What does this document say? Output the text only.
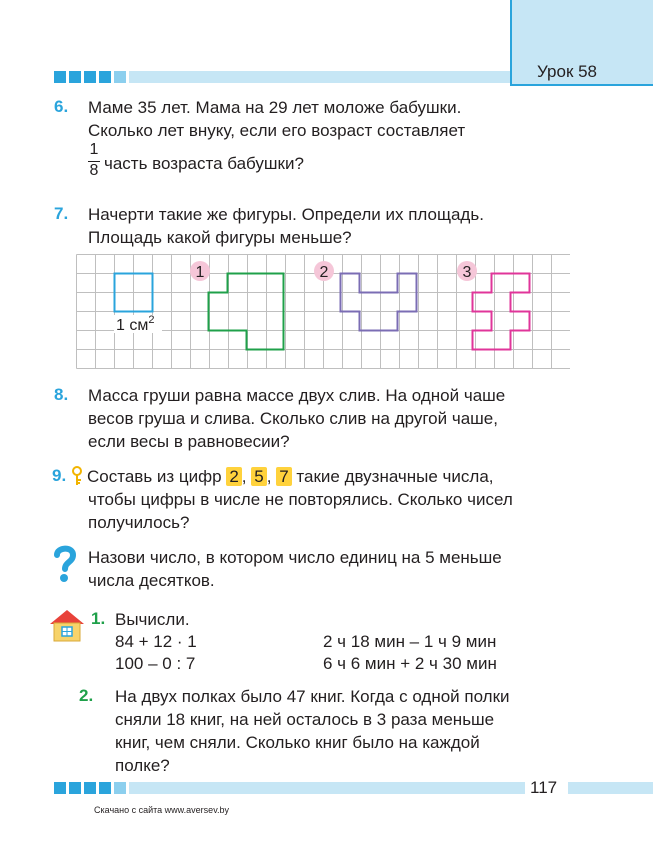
Урок 58
6. Маме 35 лет. Мама на 29 лет моложе бабушки.
Сколько лет внуку, если его возраст составляет
1
8 часть возраста бабушки?
7. Начерти такие же фигуры. Определи их площадь.
Площадь какой фигуры меньше?
1	2	3
1 $см^2$
8. Масса груши равна массе двух слив. На одной чаше
весов груша и слива. Сколько слив на другой чаше,
если весы в равновесии?
9. Составь из цифр 2 , 5 , 7 такие двузначные числа,
чтобы цифры в числе не повторялись. Сколько чисел
получилось?
Назови число, в котором число единиц на 5 меньше
числа десятков.
1. Вычисли.
84 + 12 · 1	2 ч 18 мин – 1 ч 9 мин
100 – 0 : 7	6 ч 6 мин + 2 ч 30 мин
2. На двух полках было 47 книг. Когда с одной полки
сняли 18 книг, на ней осталось в 3 раза меньше
книг, чем сняли. Сколько книг было на каждой
полке?
117
Скачано с сайта www.aversev.by
